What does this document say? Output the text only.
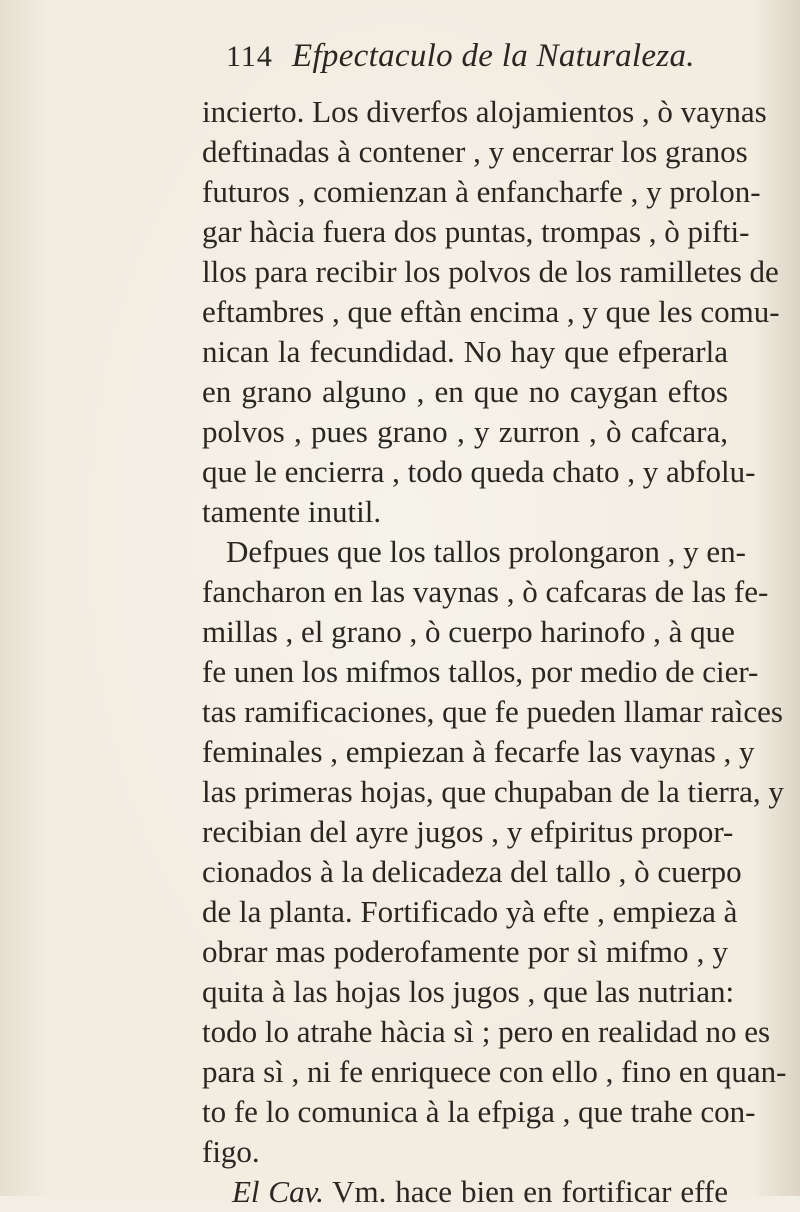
114 Efpectaculo de la Naturaleza.
incierto. Los diverfos alojamientos , ò vaynas
deftinadas à contener , y encerrar los granos
futuros , comienzan à enfancharfe , y prolon-
gar hàcia fuera dos puntas, trompas , ò pifti-
llos para recibir los polvos de los ramilletes de
eftambres , que eftàn encima , y que les comu-
nican la fecundidad. No hay que efperarla
en grano alguno , en que no caygan eftos
polvos , pues grano , y zurron , ò cafcara,
que le encierra , todo queda chato , y abfolu-
tamente inutil.
Defpues que los tallos prolongaron , y en-
fancharon en las vaynas , ò cafcaras de las fe-
millas , el grano , ò cuerpo harinofo , à que
fe unen los mifmos tallos, por medio de cier-
tas ramificaciones, que fe pueden llamar raìces
feminales , empiezan à fecarfe las vaynas , y
las primeras hojas, que chupaban de la tierra, y
recibian del ayre jugos , y efpiritus propor-
cionados à la delicadeza del tallo , ò cuerpo
de la planta. Fortificado yà efte , empieza à
obrar mas poderofamente por sì mifmo , y
quita à las hojas los jugos , que las nutrian:
todo lo atrahe hàcia sì ; pero en realidad no es
para sì , ni fe enriquece con ello , fino en quan-
to fe lo comunica à la efpiga , que trahe con-
figo.
El Cav. Vm. hace bien en fortificar effe
